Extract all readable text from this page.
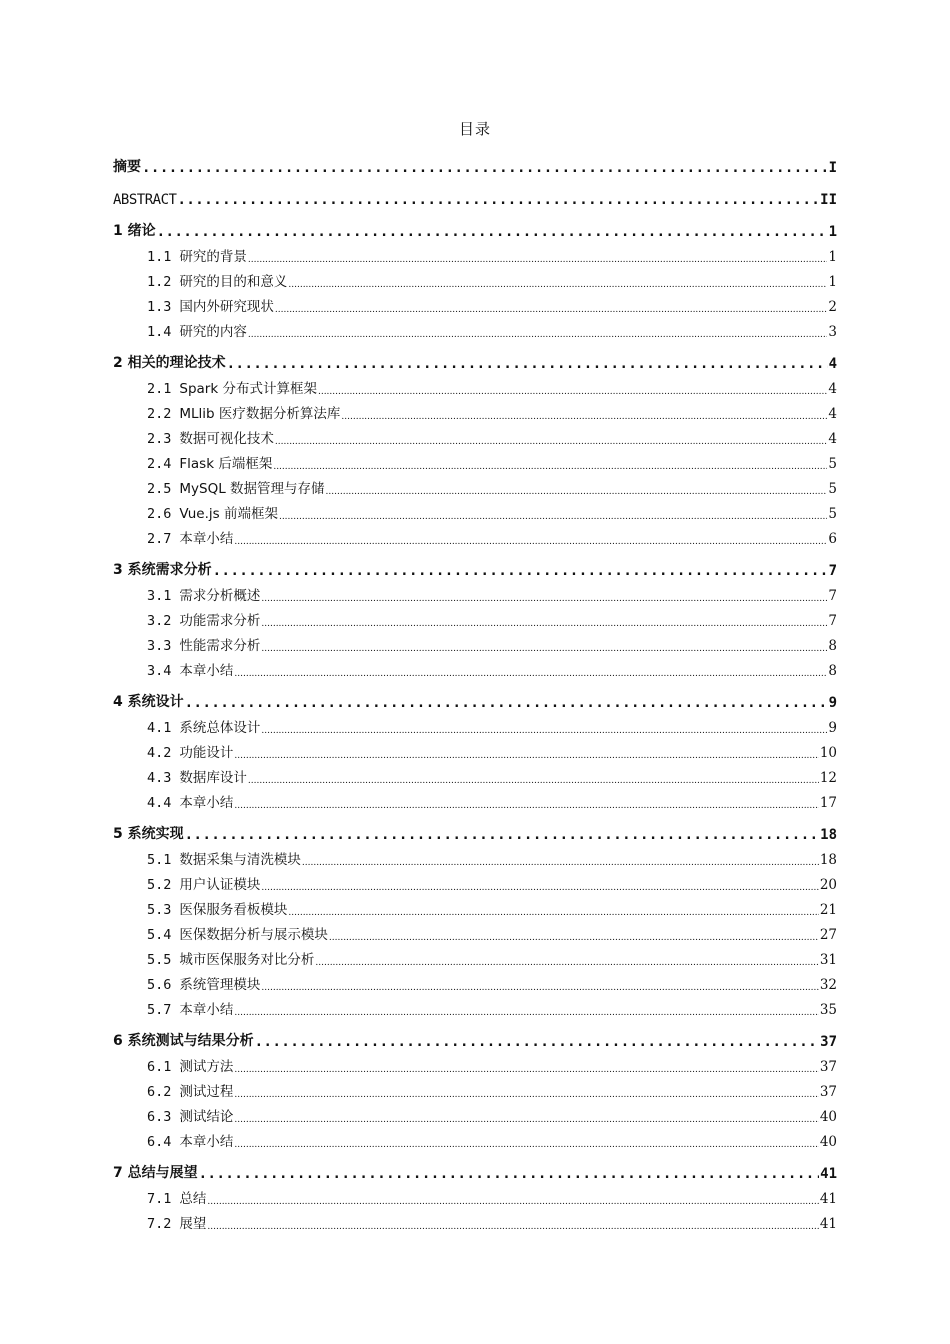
目录
摘要 .....	I
ABSTRACT .....	II
1 绪论 .....	1
1.1 研究的背景 .....	1
1.2 研究的目的和意义 .....	1
1.3 国内外研究现状 .....	2
1.4 研究的内容 .....	3
2 相关的理论技术 .....	4
2.1 Spark 分布式计算框架 .....	4
2.2 MLlib 医疗数据分析算法库 .....	4
2.3 数据可视化技术 .....	4
2.4 Flask 后端框架 .....	5
2.5 MySQL 数据管理与存储 .....	5
2.6 Vue.js 前端框架 .....	5
2.7 本章小结 .....	6
3 系统需求分析 .....	7
3.1 需求分析概述 .....	7
3.2 功能需求分析 .....	7
3.3 性能需求分析 .....	8
3.4 本章小结 .....	8
4 系统设计 .....	9
4.1 系统总体设计 .....	9
4.2 功能设计 .....	10
4.3 数据库设计 .....	12
4.4 本章小结 .....	17
5 系统实现 .....	18
5.1 数据采集与清洗模块 .....	18
5.2 用户认证模块 .....	20
5.3 医保服务看板模块 .....	21
5.4 医保数据分析与展示模块 .....	27
5.5 城市医保服务对比分析 .....	31
5.6 系统管理模块 .....	32
5.7 本章小结 .....	35
6 系统测试与结果分析 .....	37
6.1 测试方法 .....	37
6.2 测试过程 .....	37
6.3 测试结论 .....	40
6.4 本章小结 .....	40
7 总结与展望 .....	41
7.1 总结 .....	41
7.2 展望 .....	41
